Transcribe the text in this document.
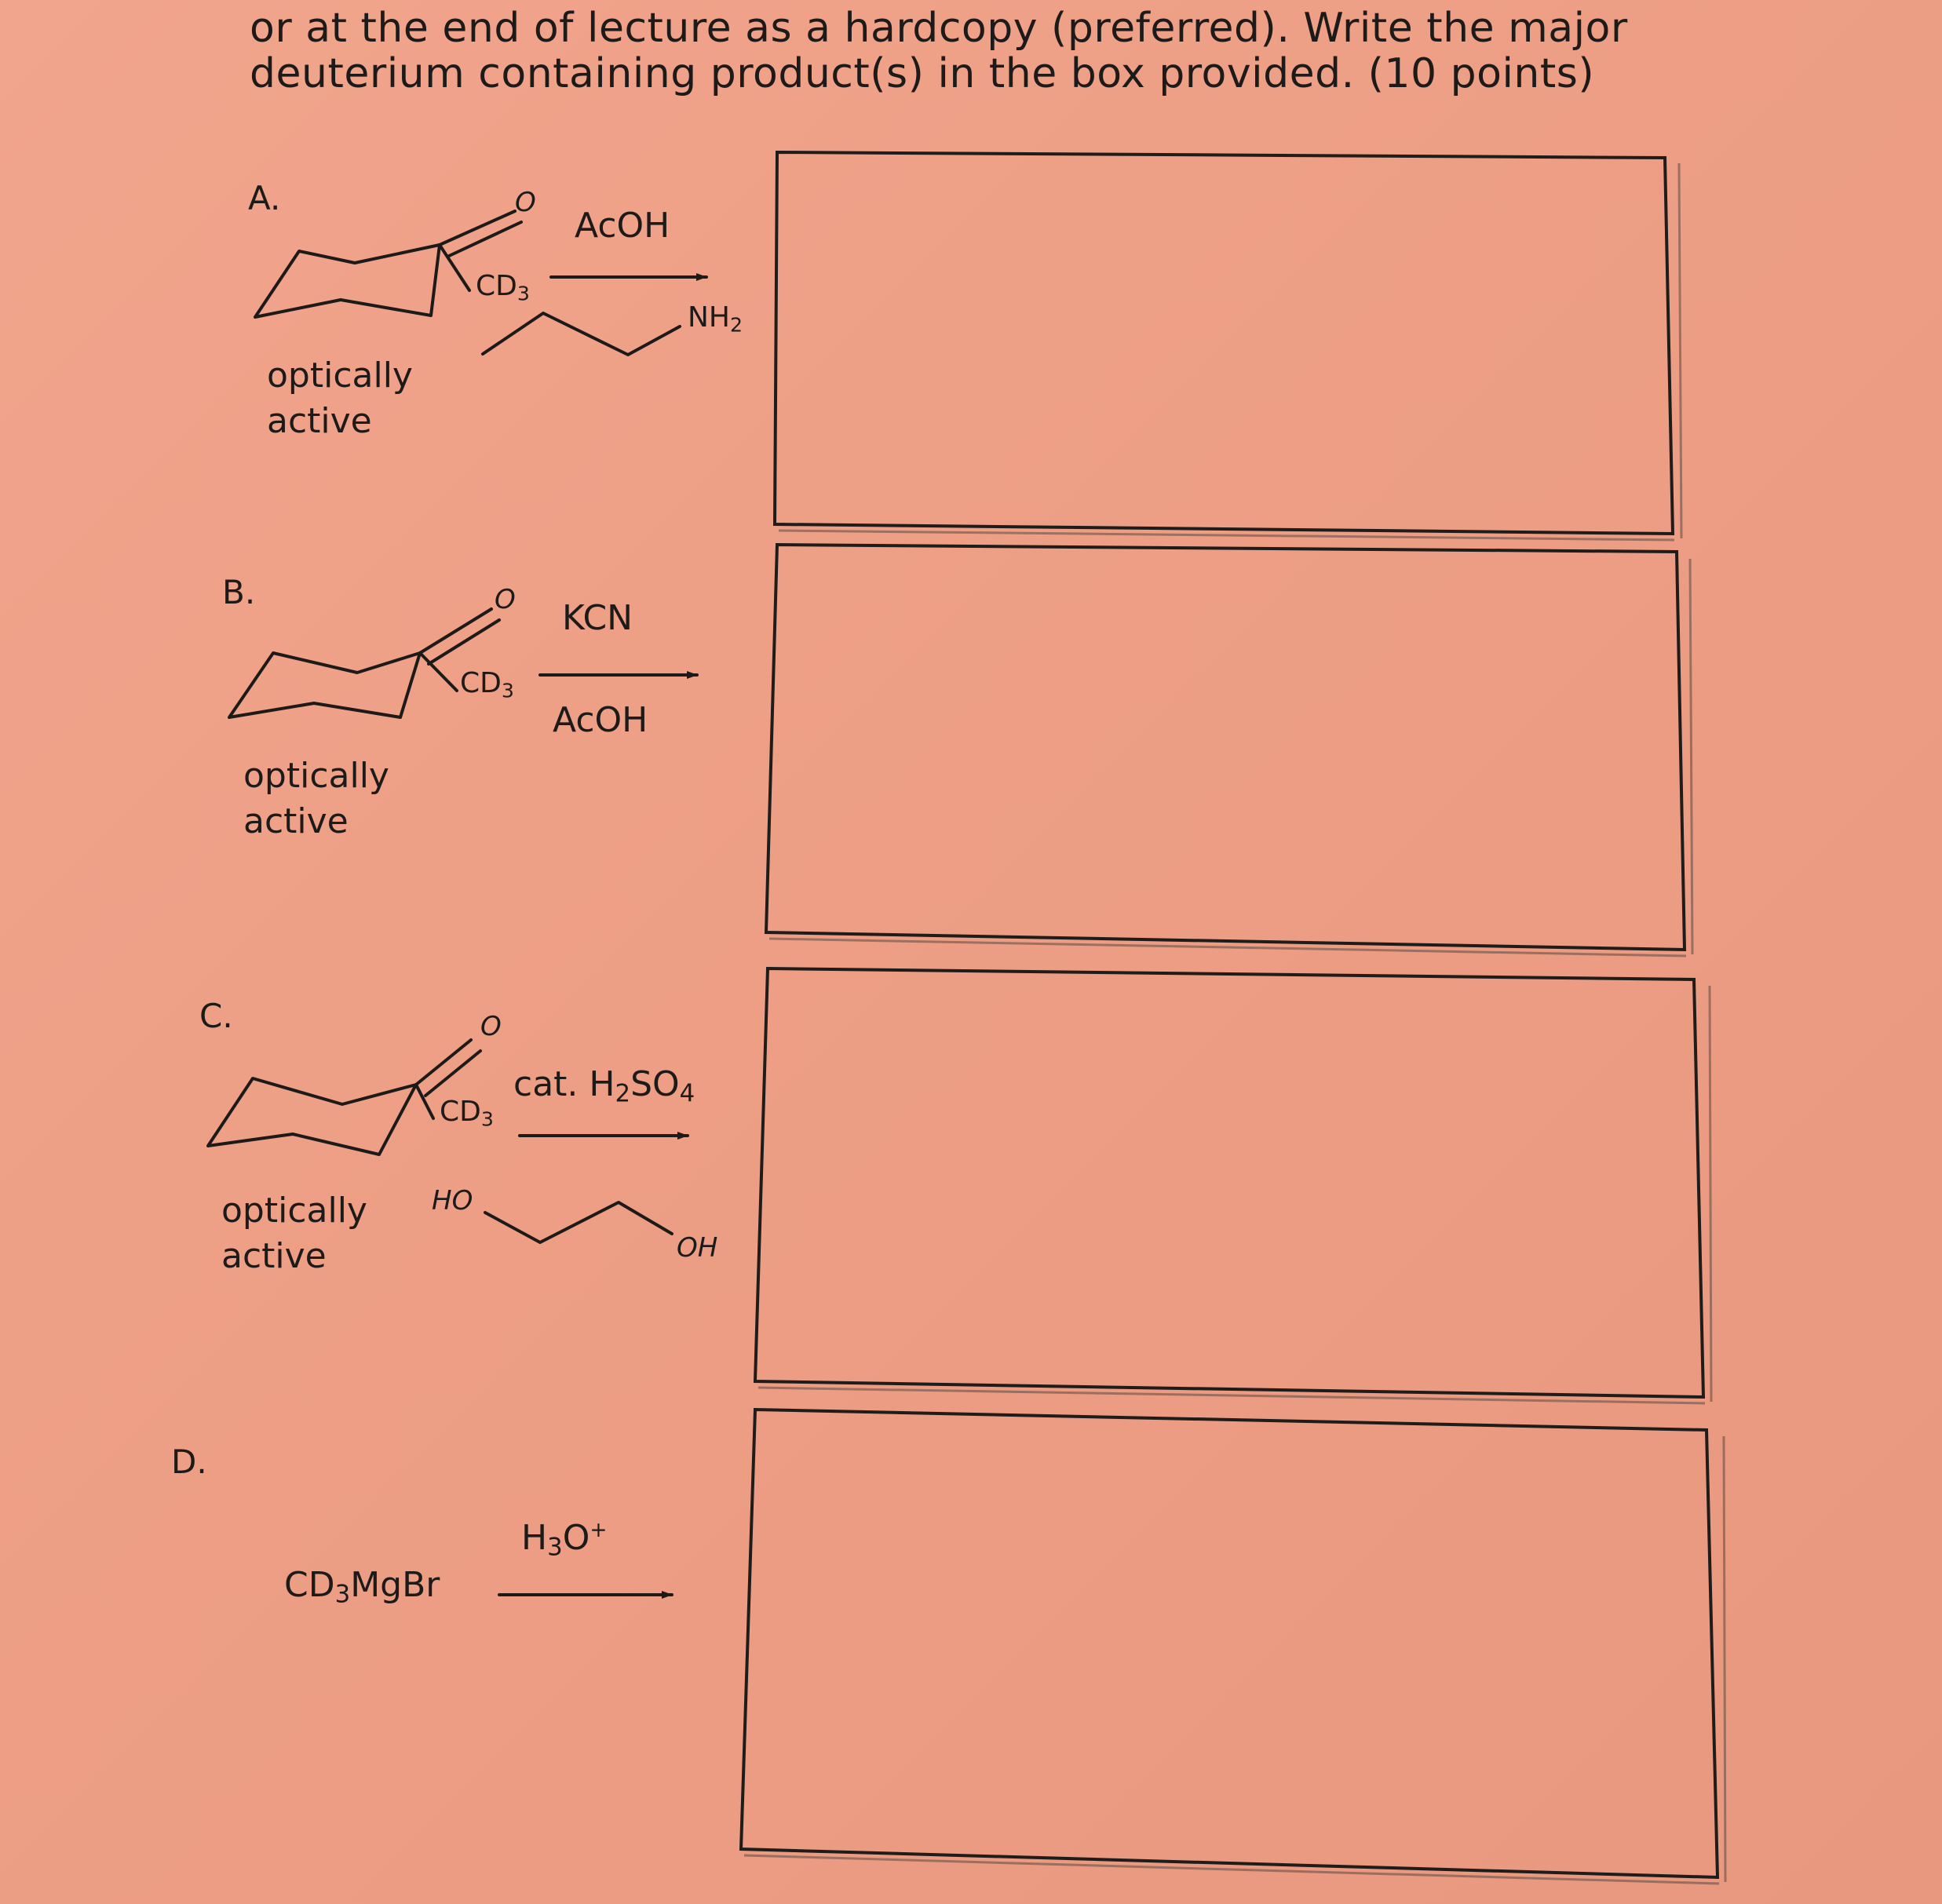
or at the end of lecture as a hardcopy (preferred). Write the major
deuterium containing product(s) in the box provided. (10 points)
A.	O
$CD_3$
AcOH
$NH_2$
optically
active
B.	O
$CD_3$
KCN
AcOH
optically
active
C.	O
$CD_3$
cat. $H_2SO_4$
HO
OH
optically
active
D.
$CD_3MgBr$
$H_3O^+$
